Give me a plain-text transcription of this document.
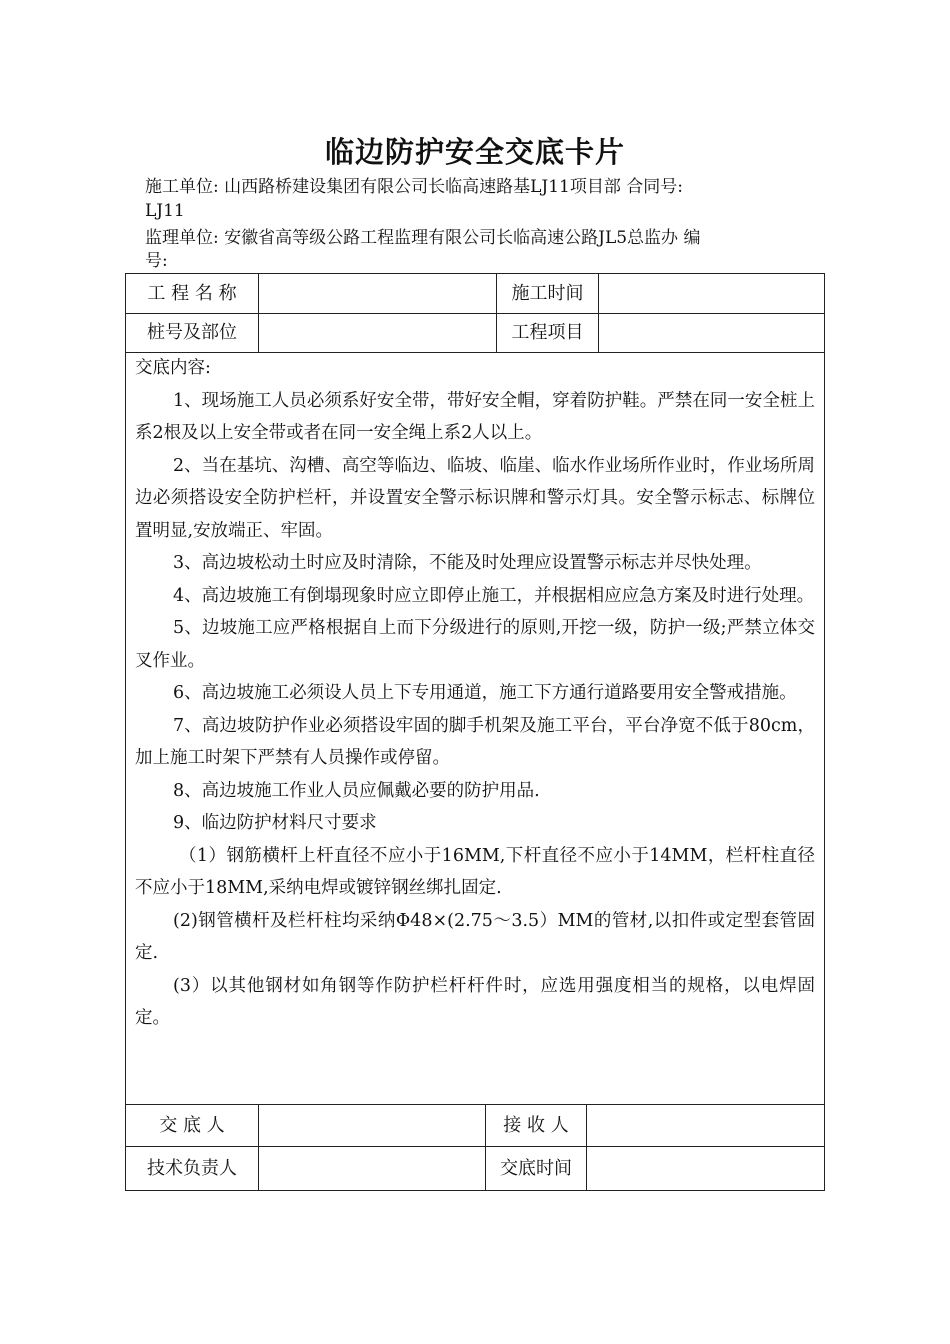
临边防护安全交底卡片
施工单位: 山西路桥建设集团有限公司长临高速路基LJ11项目部 合同号:
LJ11
监理单位: 安徽省高等级公路工程监理有限公司长临高速公路JL5总监办 编
号:
工 程 名 称	施工时间
桩号及部位	工程项目

交底内容:

1、现场施工人员必须系好安全带，带好安全帽，穿着防护鞋。严禁在同一安全桩上系2根及以上安全带或者在同一安全绳上系2人以上。

2、当在基坑、沟槽、高空等临边、临坡、临崖、临水作业场所作业时，作业场所周边必须搭设安全防护栏杆，并设置安全警示标识牌和警示灯具。安全警示标志、标牌位置明显,安放端正、牢固。

3、高边坡松动土时应及时清除，不能及时处理应设置警示标志并尽快处理。

4、高边坡施工有倒塌现象时应立即停止施工，并根据相应应急方案及时进行处理。

5、边坡施工应严格根据自上而下分级进行的原则,开挖一级，防护一级;严禁立体交叉作业。

6、高边坡施工必须设人员上下专用通道，施工下方通行道路要用安全警戒措施。

7、高边坡防护作业必须搭设牢固的脚手机架及施工平台，平台净宽不低于80cm，加上施工时架下严禁有人员操作或停留。

8、高边坡施工作业人员应佩戴必要的防护用品.

9、临边防护材料尺寸要求

（1）钢筋横杆上杆直径不应小于16MM,下杆直径不应小于14MM，栏杆柱直径不应小于18MM,采纳电焊或镀锌钢丝绑扎固定.

(2)钢管横杆及栏杆柱均采纳Φ48×(2.75～3.5）MM的管材,以扣件或定型套管固定.

(3）以其他钢材如角钢等作防护栏杆杆件时，应选用强度相当的规格，以电焊固定。

交 底 人	接 收 人
技术负责人	交底时间
